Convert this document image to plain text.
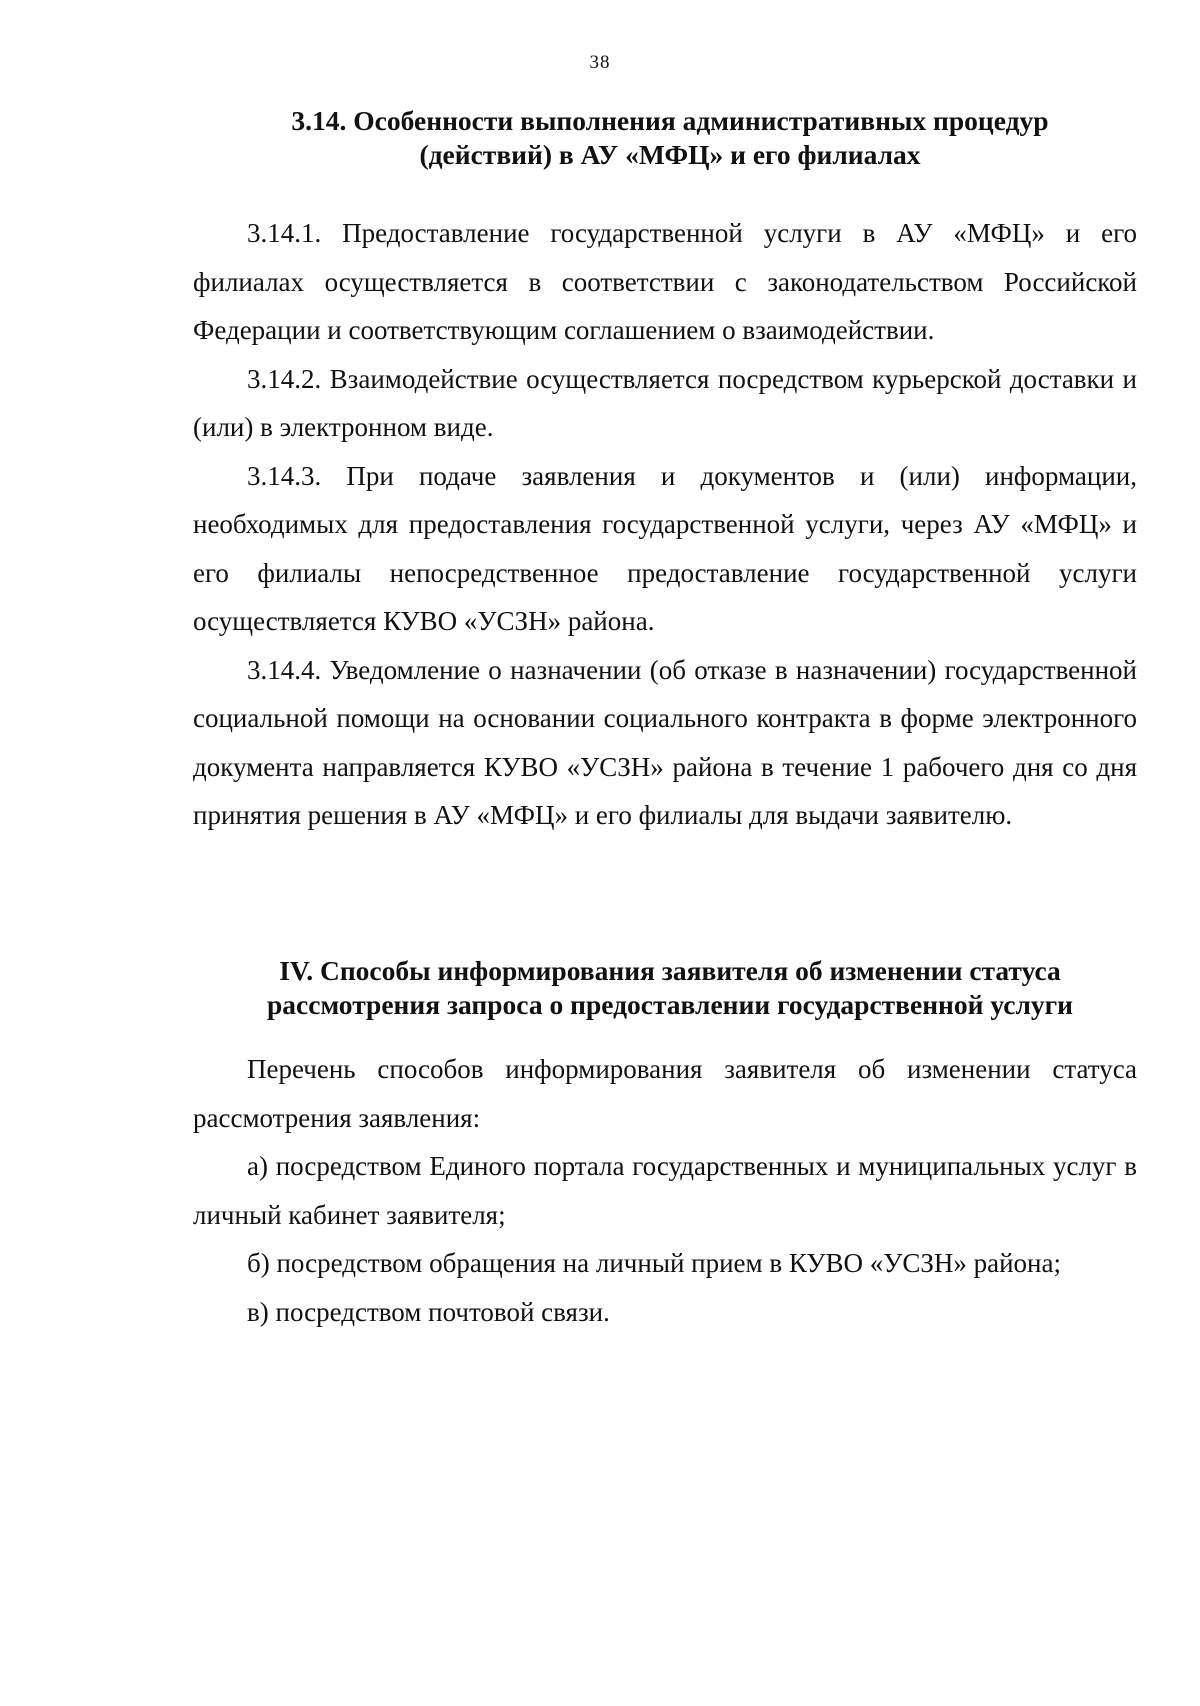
38
3.14. Особенности выполнения административных процедур
(действий) в АУ «МФЦ» и его филиалах

3.14.1. Предоставление государственной услуги в АУ «МФЦ» и его филиалах осуществляется в соответствии с законодательством Российской Федерации и соответствующим соглашением о взаимодействии.

3.14.2. Взаимодействие осуществляется посредством курьерской доставки и (или) в электронном виде.

3.14.3. При подаче заявления и документов и (или) информации, необходимых для предоставления государственной услуги, через АУ «МФЦ» и его филиалы непосредственное предоставление государственной услуги осуществляется КУВО «УСЗН» района.

3.14.4. Уведомление о назначении (об отказе в назначении) государственной социальной помощи на основании социального контракта в форме электронного документа направляется КУВО «УСЗН» района в течение 1 рабочего дня со дня принятия решения в АУ «МФЦ» и его филиалы для выдачи заявителю.

IV. Способы информирования заявителя об изменении статуса
рассмотрения запроса о предоставлении государственной услуги

Перечень способов информирования заявителя об изменении статуса рассмотрения заявления:

а) посредством Единого портала государственных и муниципальных услуг в личный кабинет заявителя;

б) посредством обращения на личный прием в КУВО «УСЗН» района;

в) посредством почтовой связи.
